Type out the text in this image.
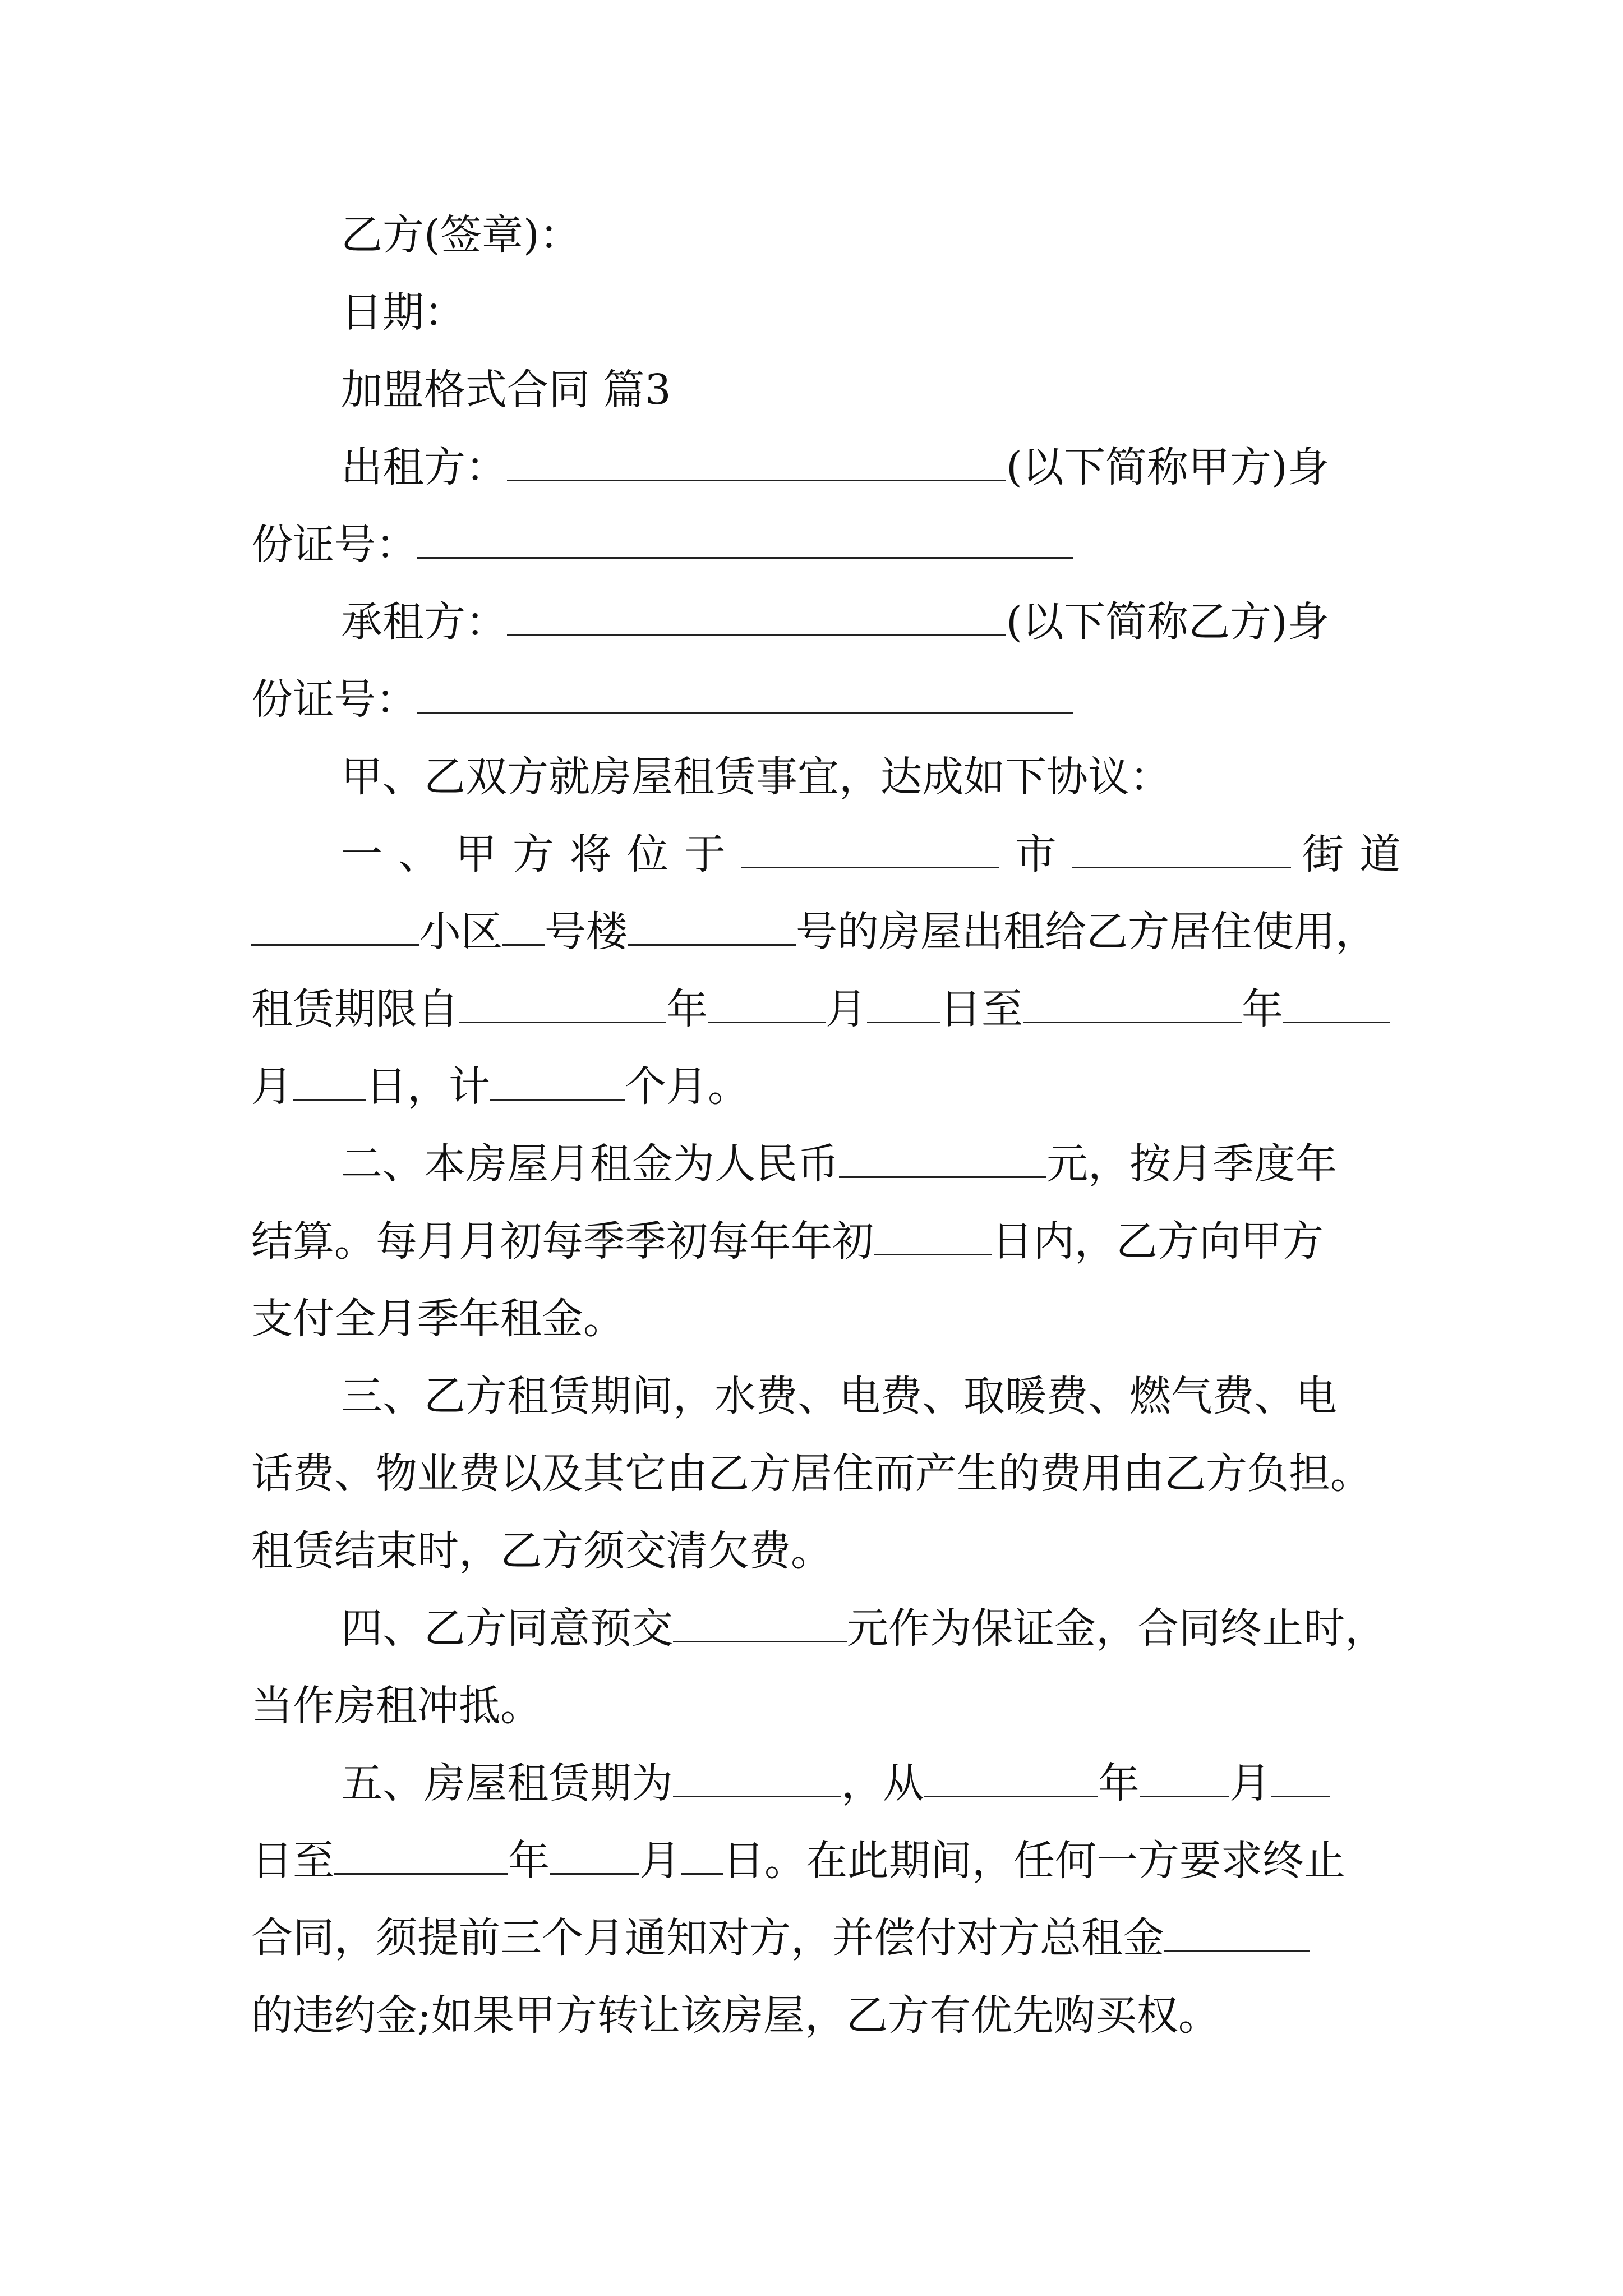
乙方(签章)：
日期：
加盟格式合同 篇3
出租方：	(以下简称甲方)身
份证号：
承租方：	(以下简称乙方)身
份证号：
甲、乙双方就房屋租赁事宜，达成如下协议：
一、甲方将位于	市	街道
小区 号楼	号的房屋出租给乙方居住使用，
租赁期限自	年	月 日至	年
月 日，计	个月。
二、本房屋月租金为人民币	元，按月季度年
结算。每月月初每季季初每年年初	日内，乙方向甲方
支付全月季年租金。
三、乙方租赁期间，水费、电费、取暖费、燃气费、电
话费、物业费以及其它由乙方居住而产生的费用由乙方负担。
租赁结束时，乙方须交清欠费。
四、乙方同意预交	元作为保证金，合同终止时，
当作房租冲抵。
五、房屋租赁期为	，从	年 月
日至	年 月 日。在此期间，任何一方要求终止
合同，须提前三个月通知对方，并偿付对方总租金
的违约金;如果甲方转让该房屋，乙方有优先购买权。
